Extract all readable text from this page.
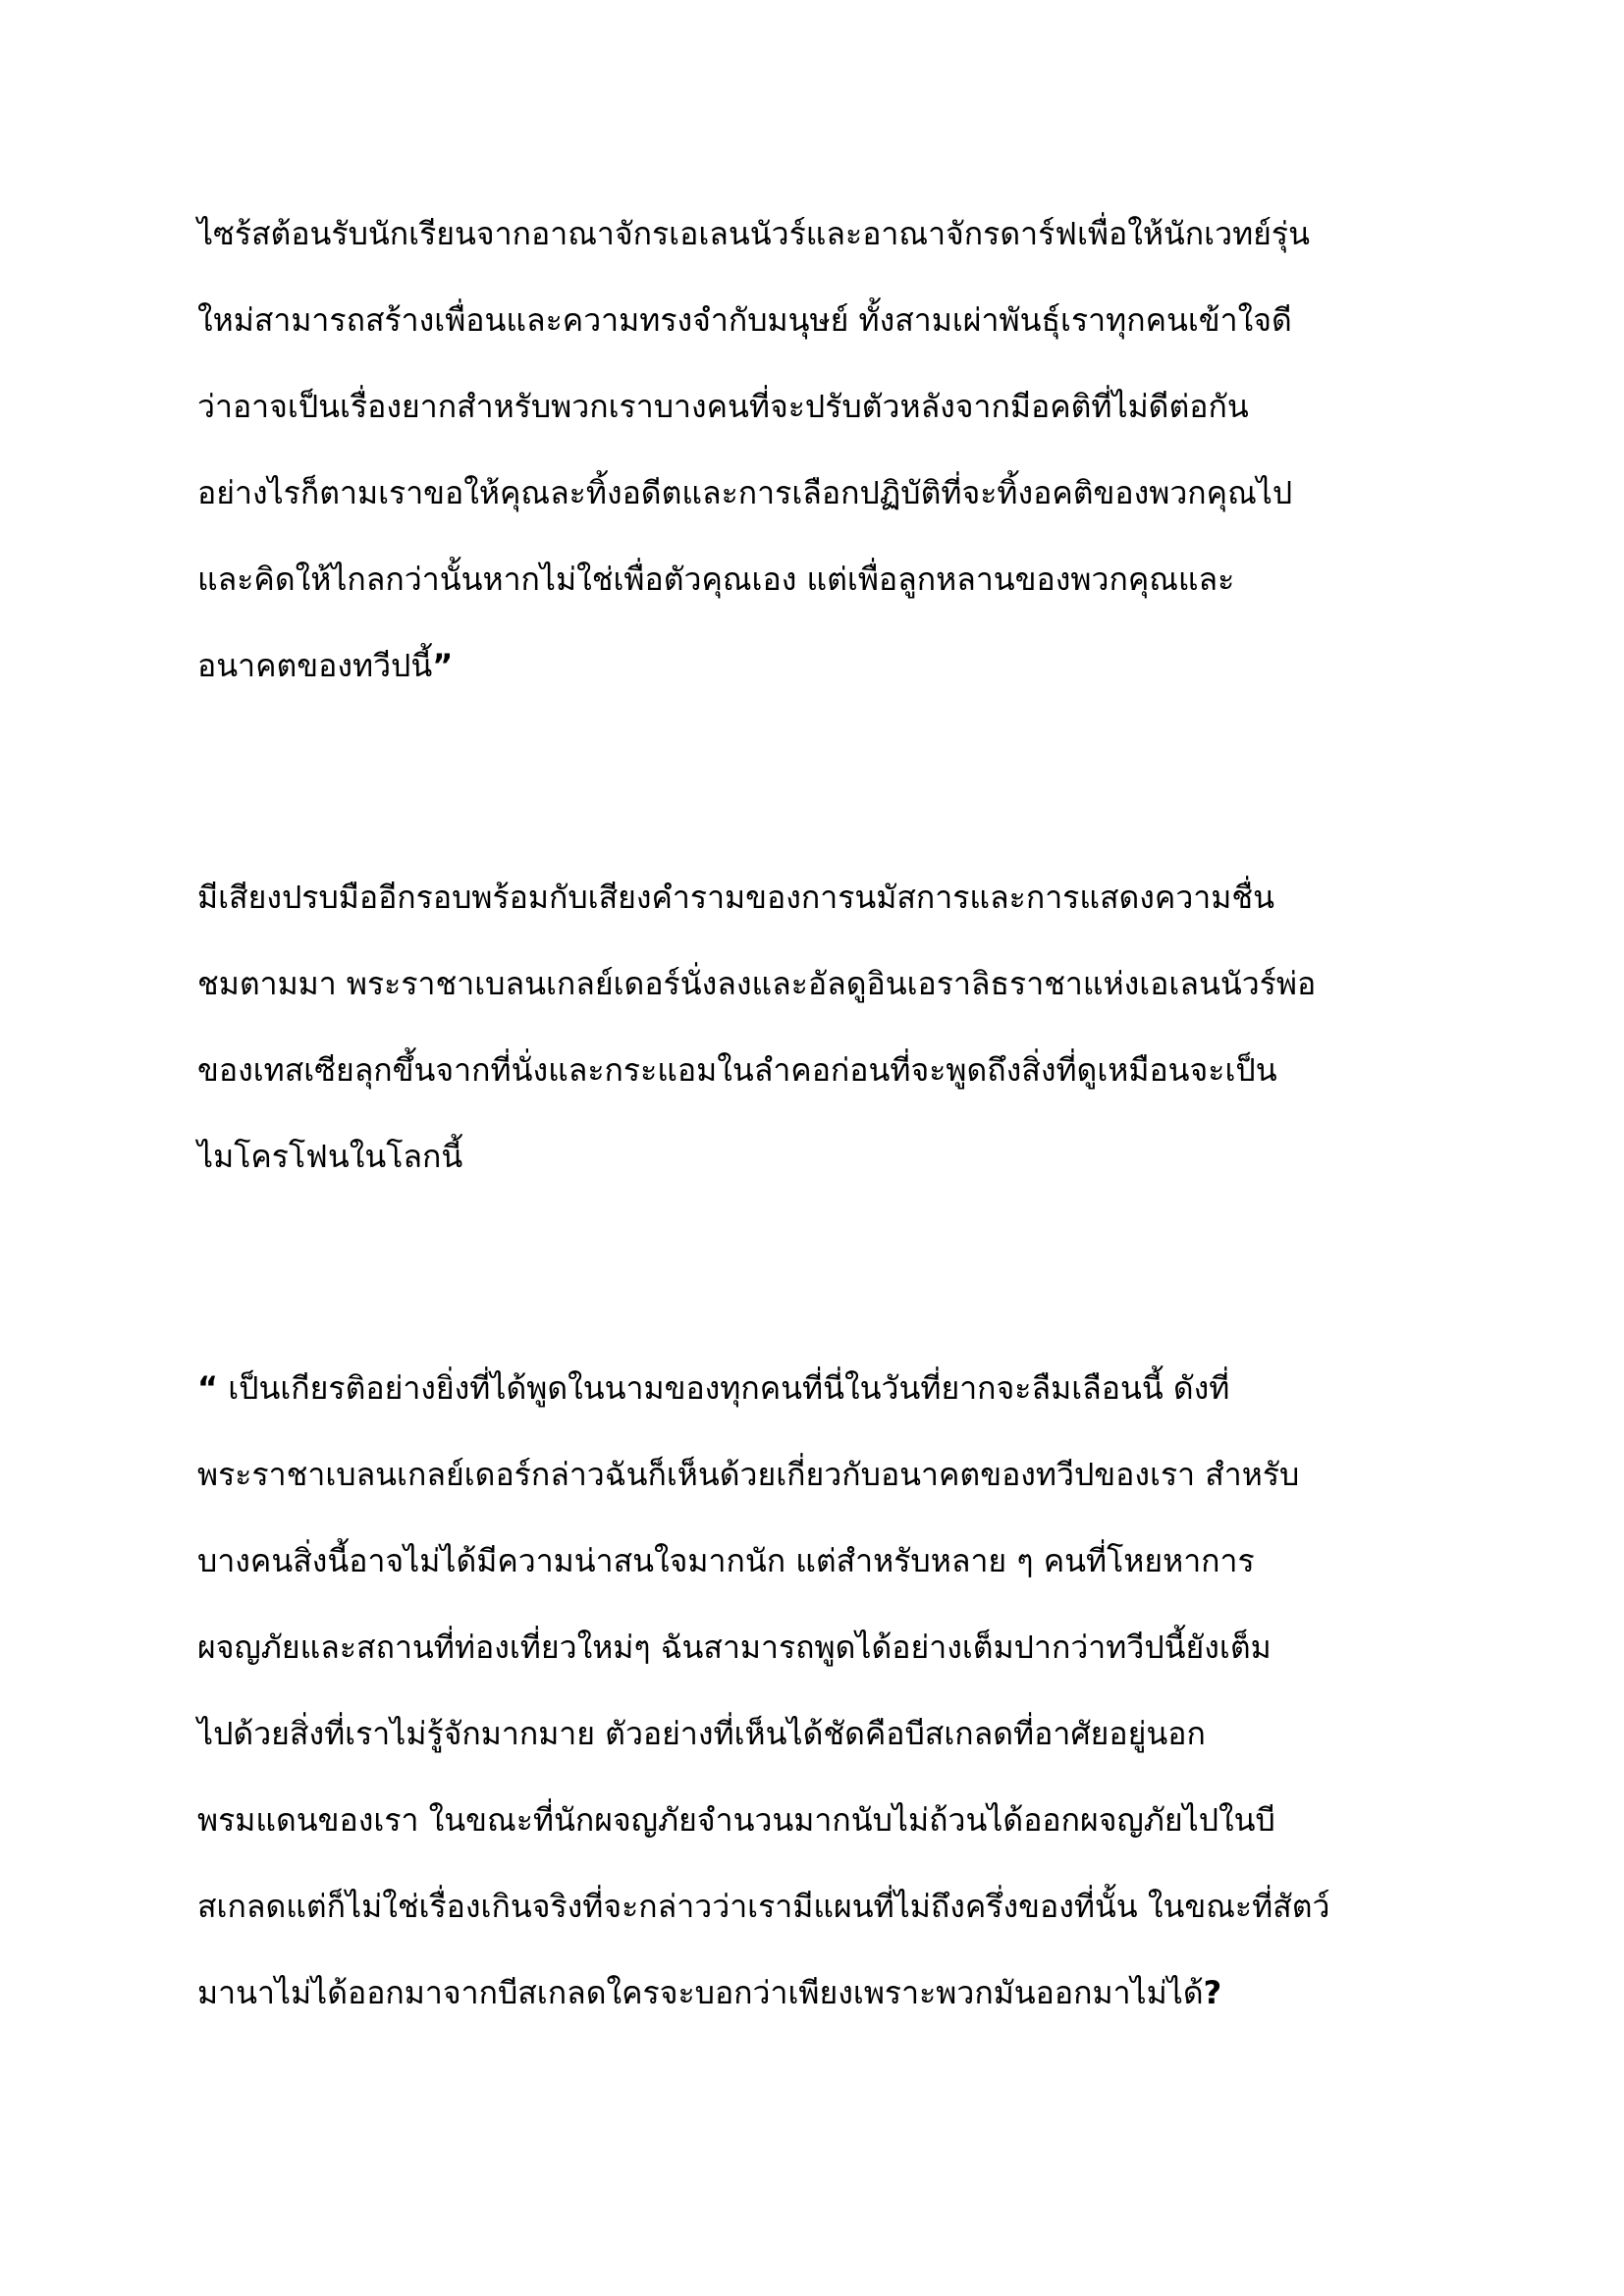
ไซร้สต้อนรับนักเรียนจากอาณาจักรเอเลนนัวร์และอาณาจักรดาร์ฟเพื่อให้นักเวทย์รุ่น

ใหม่สามารถสร้างเพื่อนและความทรงจำกับมนุษย์ ทั้งสามเผ่าพันธุ์เราทุกคนเข้าใจดี

ว่าอาจเป็นเรื่องยากสำหรับพวกเราบางคนที่จะปรับตัวหลังจากมีอคติที่ไม่ดีต่อกัน

อย่างไรก็ตามเราขอให้คุณละทิ้งอดีตและการเลือกปฏิบัติที่จะทิ้งอคติของพวกคุณไป

และคิดให้ไกลกว่านั้นหากไม่ใช่เพื่อตัวคุณเอง แต่เพื่อลูกหลานของพวกคุณและ

อนาคตของทวีปนี้”

มีเสียงปรบมืออีกรอบพร้อมกับเสียงคำรามของการนมัสการและการแสดงความชื่น

ชมตามมา พระราชาเบลนเกลย์เดอร์นั่งลงและอัลดูอินเอราลิธราชาแห่งเอเลนนัวร์พ่อ

ของเทสเซียลุกขึ้นจากที่นั่งและกระแอมในลำคอก่อนที่จะพูดถึงสิ่งที่ดูเหมือนจะเป็น

ไมโครโฟนในโลกนี้

“ เป็นเกียรติอย่างยิ่งที่ได้พูดในนามของทุกคนที่นี่ในวันที่ยากจะลืมเลือนนี้ ดังที่

พระราชาเบลนเกลย์เดอร์กล่าวฉันก็เห็นด้วยเกี่ยวกับอนาคตของทวีปของเรา สำหรับ

บางคนสิ่งนี้อาจไม่ได้มีความน่าสนใจมากนัก แต่สำหรับหลาย ๆ คนที่โหยหาการ

ผจญภัยและสถานที่ท่องเที่ยวใหม่ๆ ฉันสามารถพูดได้อย่างเต็มปากว่าทวีปนี้ยังเต็ม

ไปด้วยสิ่งที่เราไม่รู้จักมากมาย ตัวอย่างที่เห็นได้ชัดคือบีสเกลดที่อาศัยอยู่นอก

พรมแดนของเรา ในขณะที่นักผจญภัยจำนวนมากนับไม่ถ้วนได้ออกผจญภัยไปในบี

สเกลดแต่ก็ไม่ใช่เรื่องเกินจริงที่จะกล่าวว่าเรามีแผนที่ไม่ถึงครึ่งของที่นั้น ในขณะที่สัตว์

มานาไม่ได้ออกมาจากบีสเกลดใครจะบอกว่าเพียงเพราะพวกมันออกมาไม่ได้?
